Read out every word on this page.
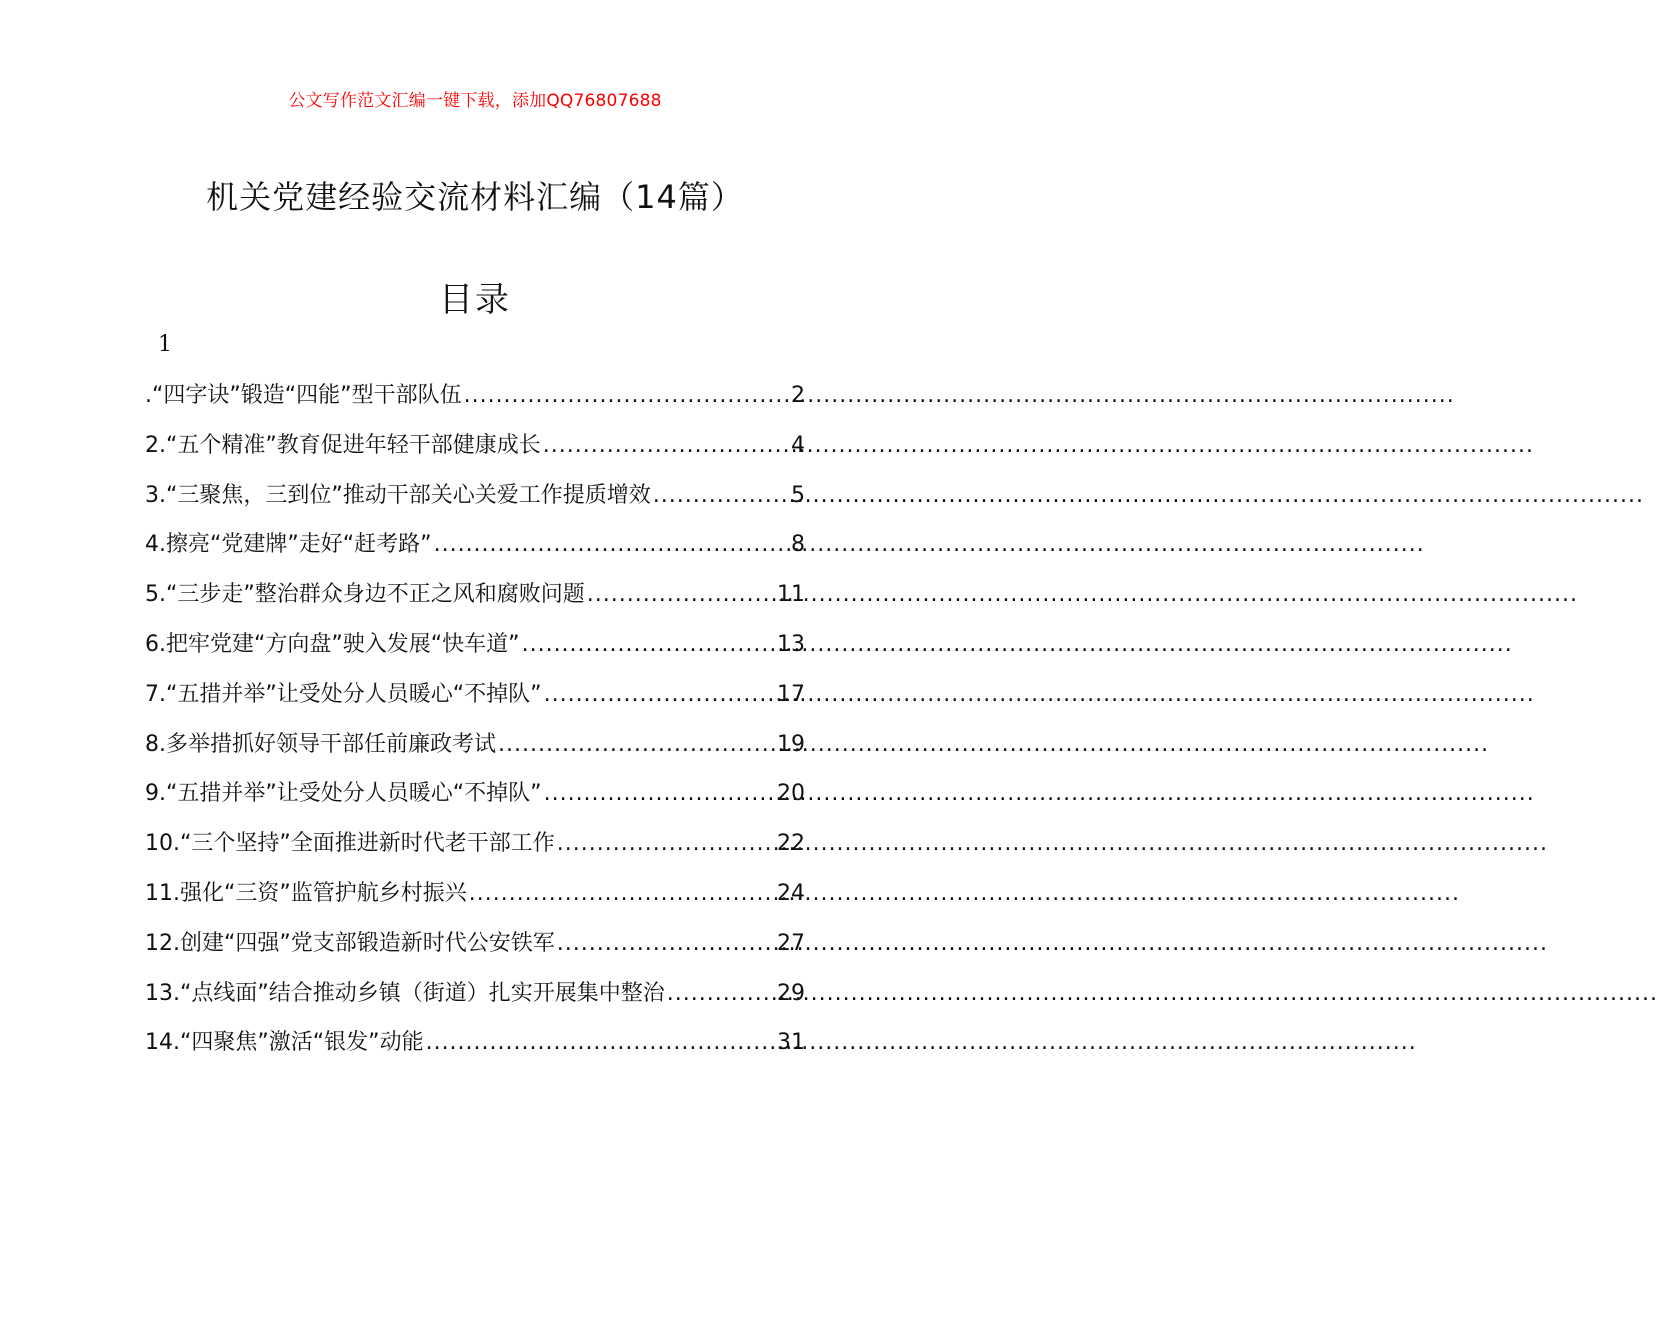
公文写作范文汇编一键下载，添加QQ76807688
机关党建经验交流材料汇编（14篇）
目录
1
.“四字诀”锻造“四能”型干部队伍 .....	2
2.“五个精准”教育促进年轻干部健康成长 .....	4
3.“三聚焦，三到位”推动干部关心关爱工作提质增效 .....	5
4.擦亮“党建牌”走好“赶考路” .....	8
5.“三步走”整治群众身边不正之风和腐败问题 .....	11
6.把牢党建“方向盘”驶入发展“快车道” .....	13
7.“五措并举”让受处分人员暖心“不掉队” .....	17
8.多举措抓好领导干部任前廉政考试 .....	19
9.“五措并举”让受处分人员暖心“不掉队” .....	20
10.“三个坚持”全面推进新时代老干部工作 .....	22
11.强化“三资”监管护航乡村振兴 .....	24
12.创建“四强”党支部锻造新时代公安铁军 .....	27
13.“点线面”结合推动乡镇（街道）扎实开展集中整治 .....	29
14.“四聚焦”激活“银发”动能 .....	31
